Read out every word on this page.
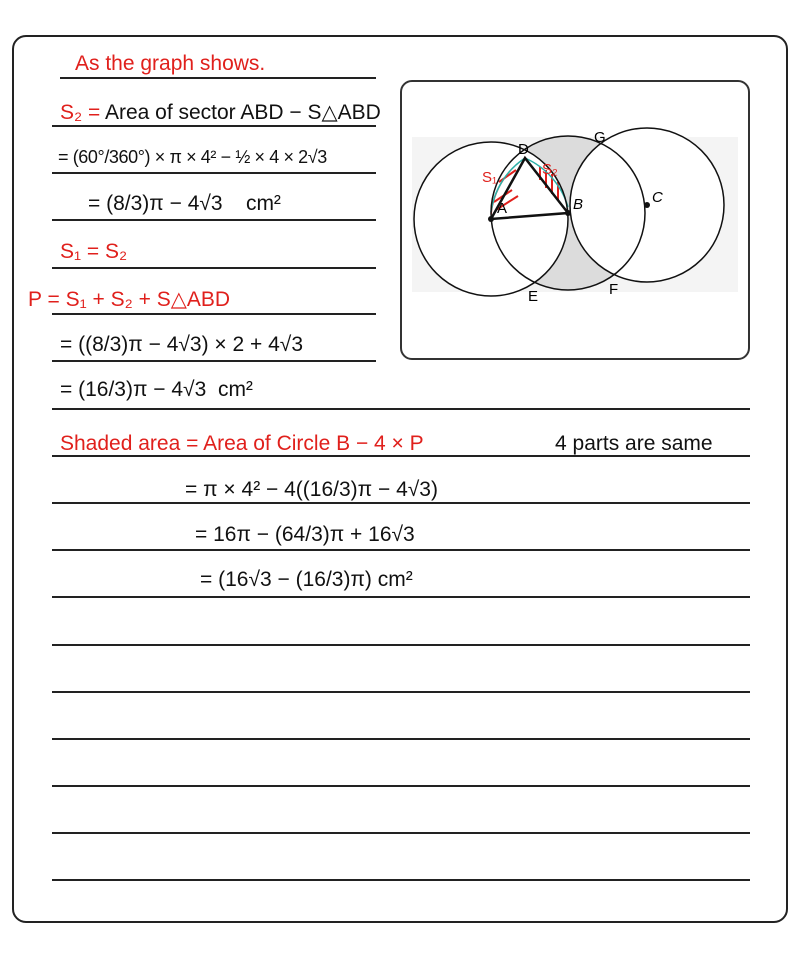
As the graph shows.
S₂ = Area of sector ABD − S△ABD
= (60°/360°) × π × 4² − ½ × 4 × 2√3
= (8/3)π − 4√3 cm²
S₁ = S₂
P = S₁ + S₂ + S△ABD
= ((8/3)π − 4√3) × 2 + 4√3
= (16/3)π − 4√3 cm²
Shaded area = Area of Circle B − 4 × P	4 parts are same
= π × 4² − 4((16/3)π − 4√3)
= 16π − (64/3)π + 16√3
= (16√3 − (16/3)π) cm²
D
G
B	C
E	F
A
S₁	S₂
